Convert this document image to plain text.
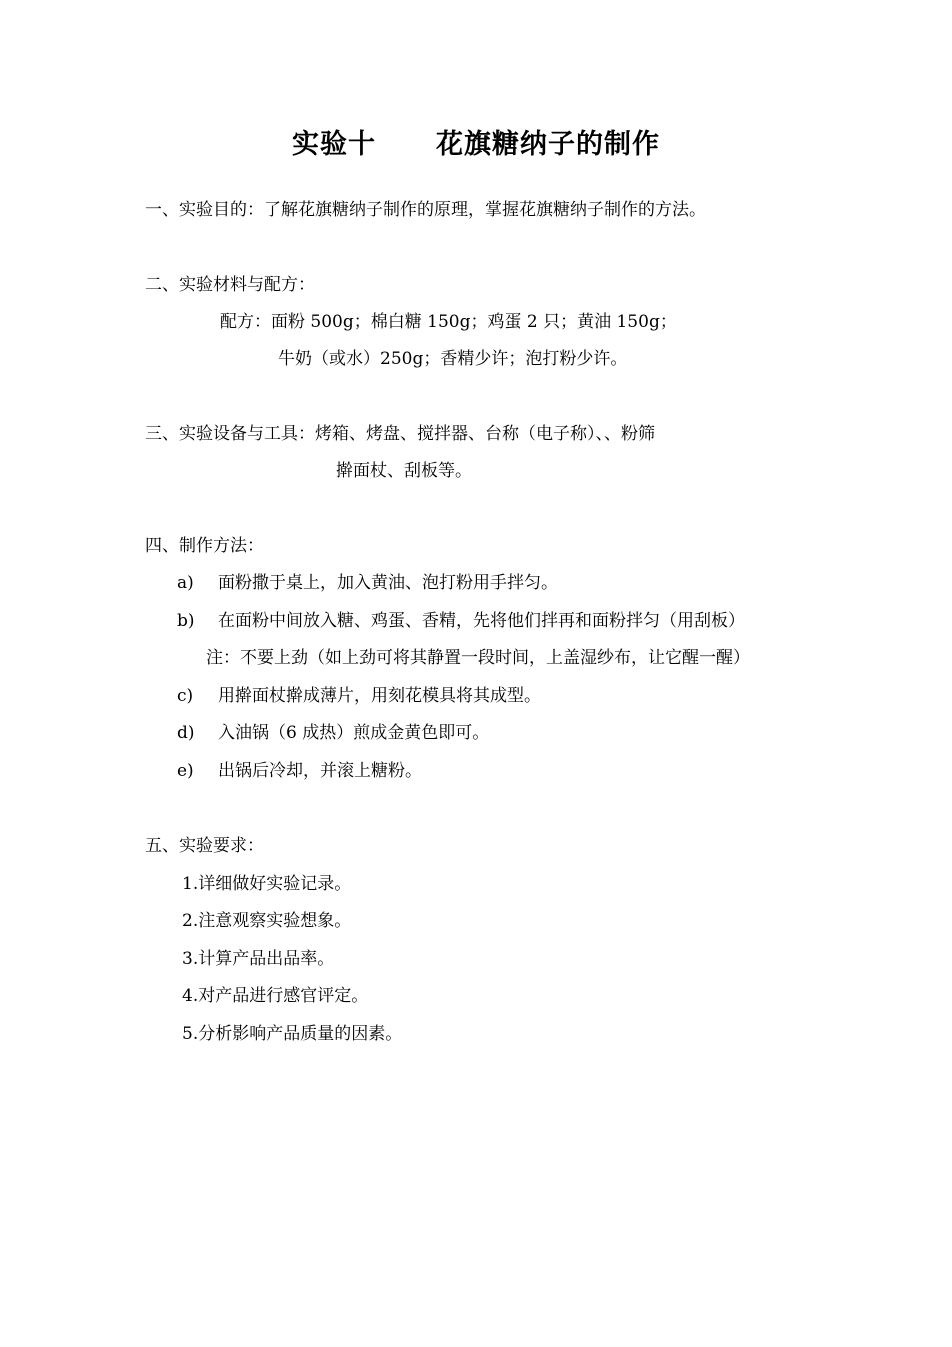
实验十 花旗糖纳子的制作
一、实验目的：了解花旗糖纳子制作的原理，掌握花旗糖纳子制作的方法。
二、实验材料与配方：
配方：面粉 500g；棉白糖 150g；鸡蛋 2 只；黄油 150g；
牛奶（或水）250g；香精少许；泡打粉少许。
三、实验设备与工具：烤箱、烤盘、搅拌器、台称（电子称）、、粉筛
擀面杖、刮板等。
四、制作方法：
a) 面粉撒于桌上，加入黄油、泡打粉用手拌匀。
b) 在面粉中间放入糖、鸡蛋、香精，先将他们拌再和面粉拌匀（用刮板）
注：不要上劲（如上劲可将其静置一段时间，上盖湿纱布，让它醒一醒）
c) 用擀面杖擀成薄片，用刻花模具将其成型。
d) 入油锅（6 成热）煎成金黄色即可。
e) 出锅后冷却，并滚上糖粉。
五、实验要求：
1.详细做好实验记录。
2.注意观察实验想象。
3.计算产品出品率。
4.对产品进行感官评定。
5.分析影响产品质量的因素。
